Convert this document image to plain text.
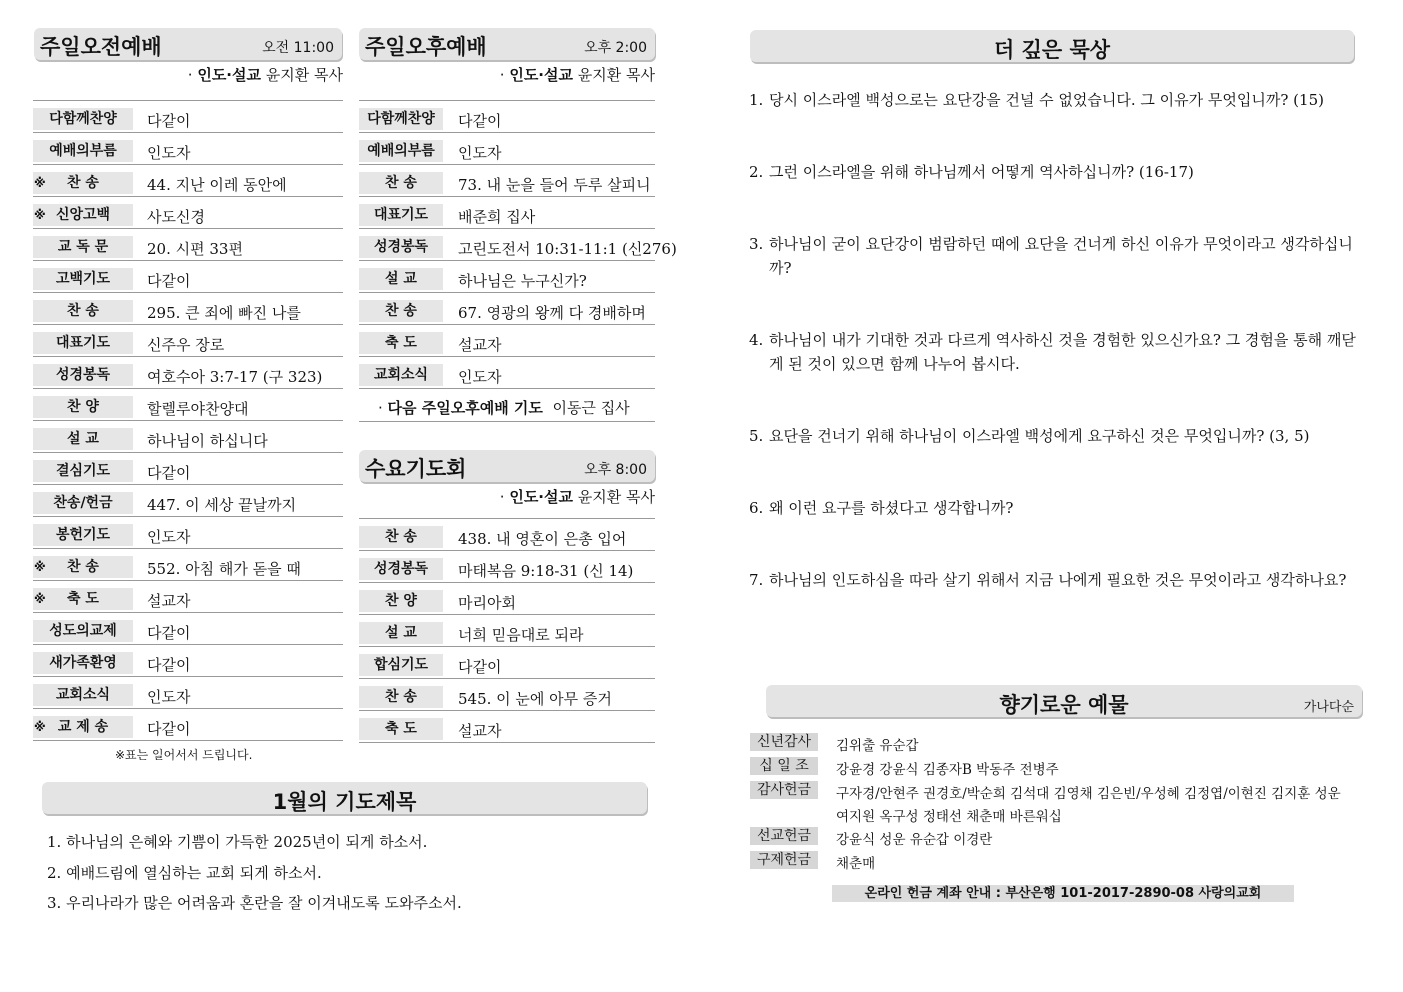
주일오전예배	오전 11:00
· 인도·설교 윤지환 목사
다함께찬양	다같이
예배의부름	인도자
※ 찬 송	44. 지난 이레 동안에
※ 신앙고백	사도신경
교 독 문	20. 시편 33편
고백기도	다같이
찬 송	295. 큰 죄에 빠진 나를
대표기도	신주우 장로
성경봉독	여호수아 3:7-17 (구 323)
찬 양	할렐루야찬양대
설 교	하나님이 하십니다
결심기도	다같이
찬송/헌금	447. 이 세상 끝날까지
봉헌기도	인도자
※ 찬 송	552. 아침 해가 돋을 때
※ 축 도	설교자
성도의교제	다같이
새가족환영	다같이
교회소식	인도자
※ 교 제 송	다같이
※표는 일어서서 드립니다.
주일오후예배	오후 2:00
· 인도·설교 윤지환 목사
다함께찬양	다같이
예배의부름	인도자
찬 송	73. 내 눈을 들어 두루 살피니
대표기도	배준희 집사
성경봉독	고린도전서 10:31-11:1 (신276)
설 교	하나님은 누구신가?
찬 송	67. 영광의 왕께 다 경배하며
축 도	설교자
교회소식	인도자
· 다음 주일오후예배 기도 이동근 집사
수요기도회	오후 8:00
· 인도·설교 윤지환 목사
찬 송	438. 내 영혼이 은총 입어
성경봉독	마태복음 9:18-31 (신 14)
찬 양	마리아회
설 교	너희 믿음대로 되라
합심기도	다같이
찬 송	545. 이 눈에 아무 증거
축 도	설교자
1월의 기도제목
1. 하나님의 은혜와 기쁨이 가득한 2025년이 되게 하소서.
2. 예배드림에 열심하는 교회 되게 하소서.
3. 우리나라가 많은 어려움과 혼란을 잘 이겨내도록 도와주소서.
더 깊은 묵상
1. 당시 이스라엘 백성으로는 요단강을 건널 수 없었습니다. 그 이유가 무엇입니까? (15)
2. 그런 이스라엘을 위해 하나님께서 어떻게 역사하십니까? (16-17)
3. 하나님이 굳이 요단강이 범람하던 때에 요단을 건너게 하신 이유가 무엇이라고 생각하십니까?
4. 하나님이 내가 기대한 것과 다르게 역사하신 것을 경험한 있으신가요? 그 경험을 통해 깨닫게 된 것이 있으면 함께 나누어 봅시다.
5. 요단을 건너기 위해 하나님이 이스라엘 백성에게 요구하신 것은 무엇입니까? (3, 5)
6. 왜 이런 요구를 하셨다고 생각합니까?
7. 하나님의 인도하심을 따라 살기 위해서 지금 나에게 필요한 것은 무엇이라고 생각하나요?
향기로운 예물	가나다순
신년감사	김위출 유순갑
십 일 조	강윤경 강윤식 김종자B 박동주 전병주
감사헌금	구자경/안현주 권경호/박순희 김석대 김영채 김은빈/우성혜 김정엽/이현진 김지훈 성운
여지원 옥구성 정태선 채춘매 바른워십
선교헌금	강윤식 성운 유순갑 이경란
구제헌금	채춘매
온라인 헌금 계좌 안내 : 부산은행 101-2017-2890-08 사랑의교회
